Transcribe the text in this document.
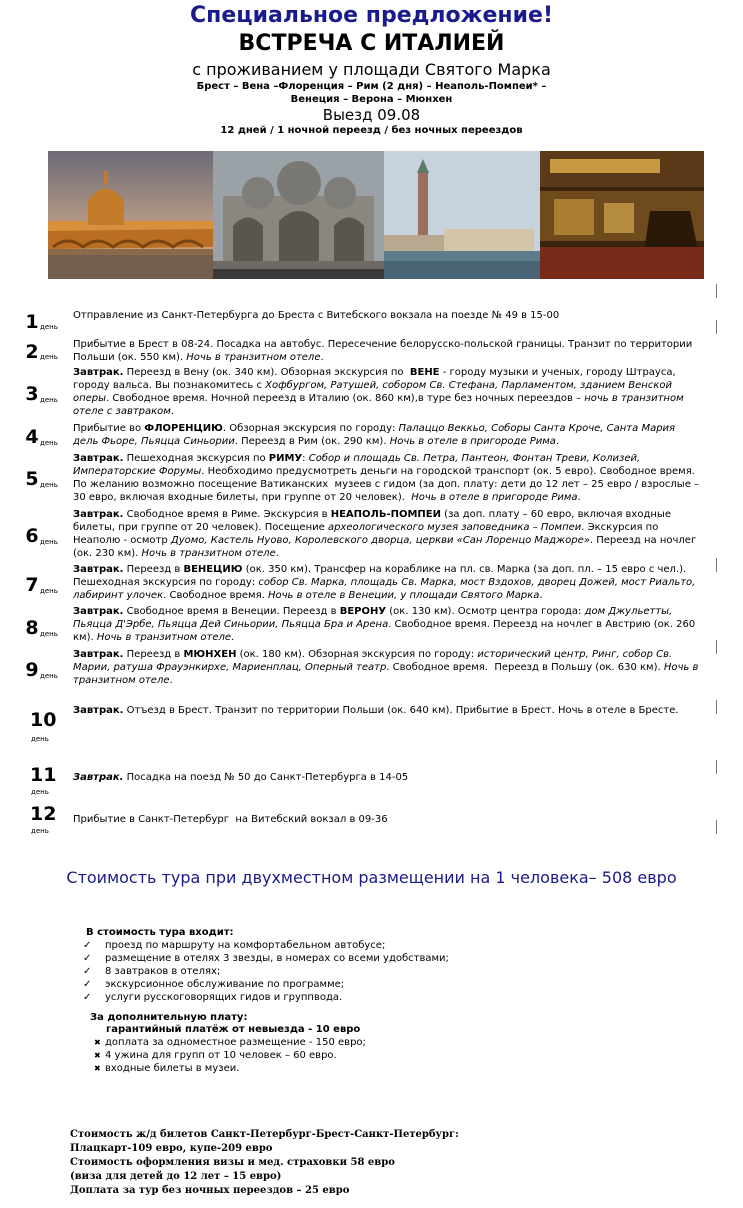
Специальное предложение!
ВСТРЕЧА С ИТАЛИЕЙ
с проживанием у площади Святого Марка
Брест – Вена –Флоренция – Рим (2 дня) – Неаполь-Помпеи* –
Венеция – Верона – Мюнхен
Выезд 09.08
12 дней / 1 ночной переезд / без ночных переездов
1 день
Отправление из Санкт-Петербурга до Бреста с Витебского вокзала на поезде № 49 в 15-00
2 день
Прибытие в Брест в 08-24. Посадка на автобус. Пересечение белорусско-польской границы. Транзит по территории Польши (ок. 550 км). Ночь в транзитном отеле.
3 день
Завтрак. Переезд в Вену (ок. 340 км). Обзорная экскурсия по  ВЕНЕ - городу музыки и ученых, городу Штрауса, городу вальса. Вы познакомитесь с Хофбургом, Ратушей, собором Св. Стефана, Парламентом, зданием Венской оперы. Свободное время. Ночной переезд в Италию (ок. 860 км),в туре без ночных переездов – ночь в транзитном отеле с завтраком.
4 день
Прибытие во ФЛОРЕНЦИЮ. Обзорная экскурсия по городу: Палаццо Веккьо, Соборы Санта Кроче, Санта Мария дель Фьоре, Пьяцца Синьории. Переезд в Рим (ок. 290 км). Ночь в отеле в пригороде Рима.
5 день
Завтрак. Пешеходная экскурсия по РИМУ: Собор и площадь Св. Петра, Пантеон, Фонтан Треви, Колизей, Императорские Форумы. Необходимо предусмотреть деньги на городской транспорт (ок. 5 евро). Свободное время. По желанию возможно посещение Ватиканских  музеев с гидом (за доп. плату: дети до 12 лет – 25 евро / взрослые – 30 евро, включая входные билеты, при группе от 20 человек).  Ночь в отеле в пригороде Рима.
6 день
Завтрак. Свободное время в Риме. Экскурсия в НЕАПОЛЬ-ПОМПЕИ (за доп. плату – 60 евро, включая входные билеты, при группе от 20 человек). Посещение археологического музея заповедника – Помпеи. Экскурсия по Неаполю - осмотр Дуомо, Кастель Нуово, Королевского дворца, церкви «Сан Лоренцо Маджоре». Переезд на ночлег (ок. 230 км). Ночь в транзитном отеле.
7 день
Завтрак. Переезд в ВЕНЕЦИЮ (ок. 350 км). Трансфер на кораблике на пл. св. Марка (за доп. пл. – 15 евро с чел.). Пешеходная экскурсия по городу: собор Св. Марка, площадь Св. Марка, мост Вздохов, дворец Дожей, мост Риальто, лабиринт улочек. Свободное время. Ночь в отеле в Венеции, у площади Святого Марка.
8 день
Завтрак. Свободное время в Венеции. Переезд в ВЕРОНУ (ок. 130 км). Осмотр центра города: дом Джульетты, Пьяцца Д'Эрбе, Пьяцца Дей Синьории, Пьяцца Бра и Арена. Свободное время. Переезд на ночлег в Австрию (ок. 260 км). Ночь в транзитном отеле.
9 день
Завтрак. Переезд в МЮНХЕН (ок. 180 км). Обзорная экскурсия по городу: исторический центр, Ринг, собор Св. Марии, ратуша Фрауэнкирхе, Мариенплац, Оперный театр. Свободное время.  Переезд в Польшу (ок. 630 км). Ночь в транзитном отеле.
10
день
Завтрак. Отъезд в Брест. Транзит по территории Польши (ок. 640 км). Прибытие в Брест. Ночь в отеле в Бресте.
11
день
Завтрак. Посадка на поезд № 50 до Санкт-Петербурга в 14-05
12
день
Прибытие в Санкт-Петербург  на Витебский вокзал в 09-36
Стоимость тура при двухместном размещении на 1 человека– 508 евро
В стоимость тура входит:
✓ проезд по маршруту на комфортабельном автобусе;
✓ размещение в отелях 3 звезды, в номерах со всеми удобствами;
✓ 8 завтраков в отелях;
✓ экскурсионное обслуживание по программе;
✓ услуги русскоговорящих гидов и группвода.
За дополнительную плату:
гарантийный платёж от невыезда - 10 евро
✖ доплата за одноместное размещение - 150 евро;
✖ 4 ужина для групп от 10 человек – 60 евро.
✖ входные билеты в музеи.
Стоимость ж/д билетов Санкт-Петербург-Брест-Санкт-Петербург:
Плацкарт-109 евро, купе-209 евро
Стоимость оформления визы и мед. страховки 58 евро
(виза для детей до 12 лет – 15 евро)
Доплата за тур без ночных переездов – 25 евро
